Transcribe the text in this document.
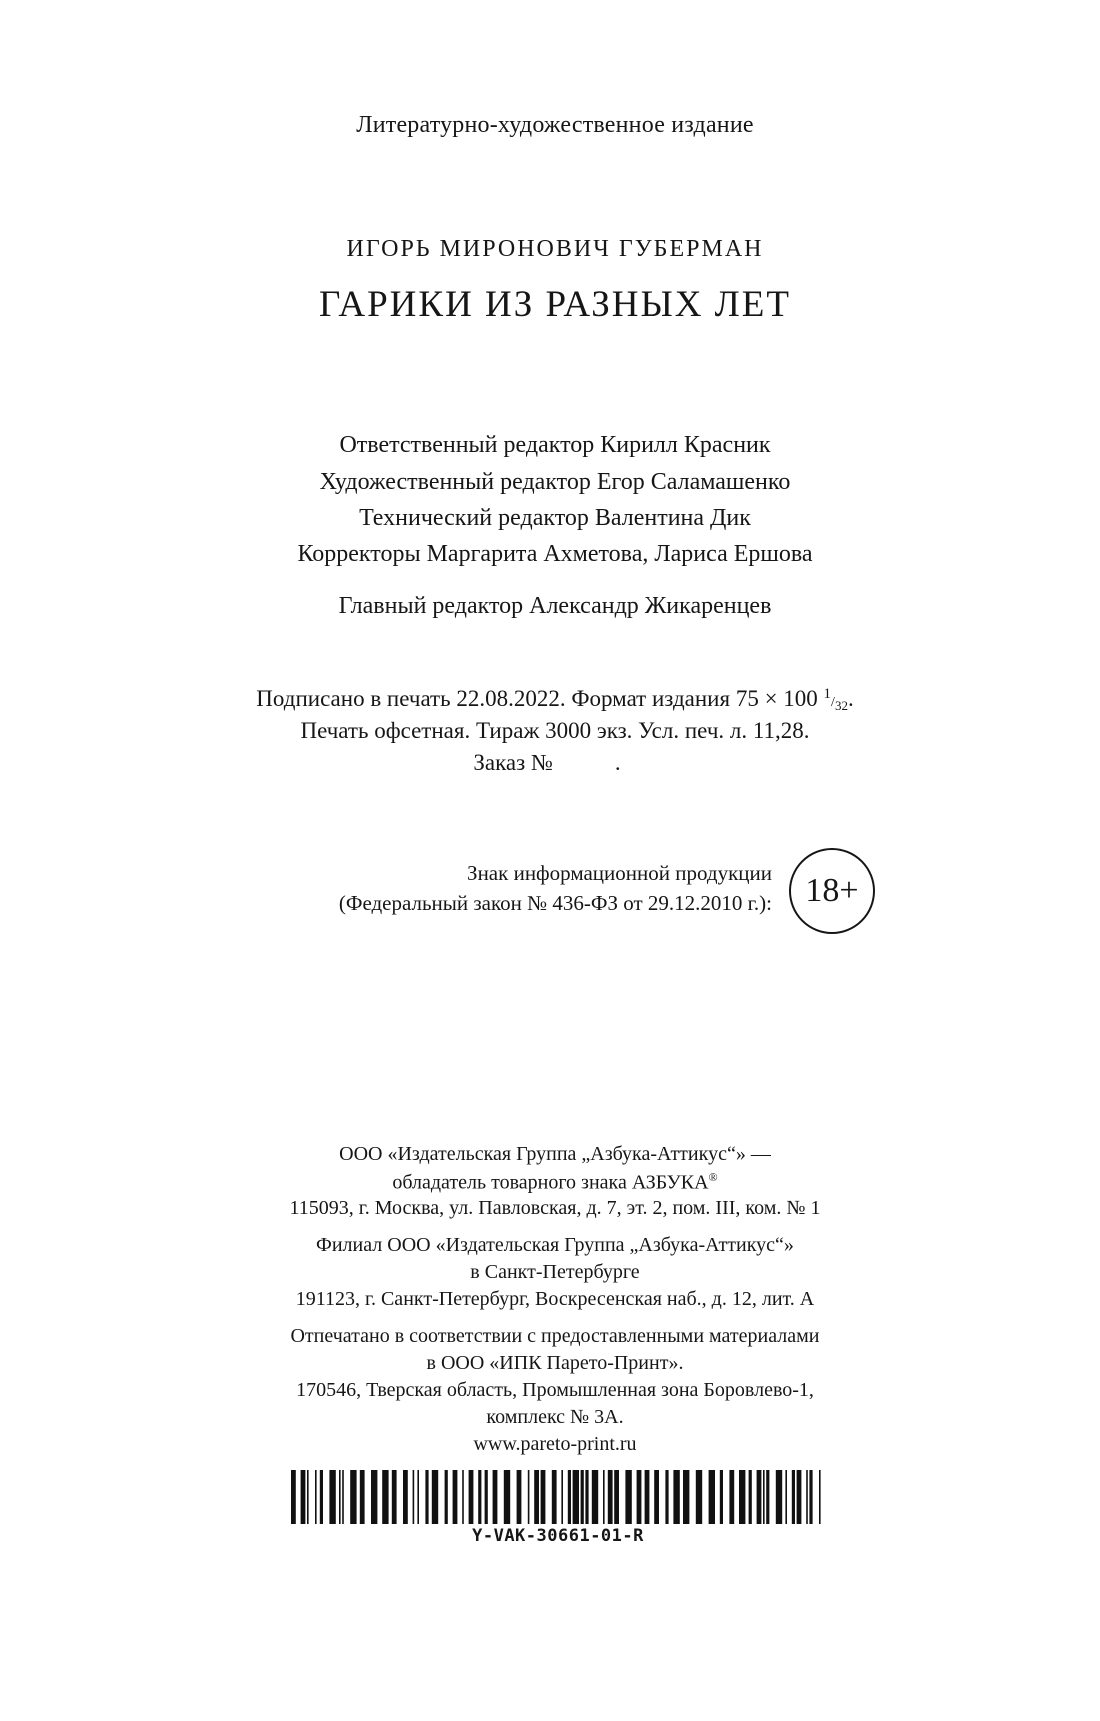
Литературно-художественное издание
ИГОРЬ МИРОНОВИЧ ГУБЕРМАН
ГАРИКИ ИЗ РАЗНЫХ ЛЕТ
Ответственный редактор Кирилл Красник
Художественный редактор Егор Саламашенко
Технический редактор Валентина Дик
Корректоры Маргарита Ахметова, Лариса Ершова
Главный редактор Александр Жикаренцев
Подписано в печать 22.08.2022. Формат издания 75 × 100 $^1/_{32}$.
Печать офсетная. Тираж 3000 экз. Усл. печ. л. 11,28.
Заказ №	.
Знак информационной продукции
(Федеральный закон № 436-ФЗ от 29.12.2010 г.): 18+
ООО «Издательская Группа „Азбука-Аттикус“» —
обладатель товарного знака АЗБУКА®
115093, г. Москва, ул. Павловская, д. 7, эт. 2, пом. III, ком. № 1
Филиал ООО «Издательская Группа „Азбука-Аттикус“»
в Санкт-Петербурге
191123, г. Санкт-Петербург, Воскресенская наб., д. 12, лит. А
Отпечатано в соответствии с предоставленными материалами
в ООО «ИПК Парето-Принт».
170546, Тверская область, Промышленная зона Боровлево-1,
комплекс № 3А.
www.pareto-print.ru
Y-VAK-30661-01-R
